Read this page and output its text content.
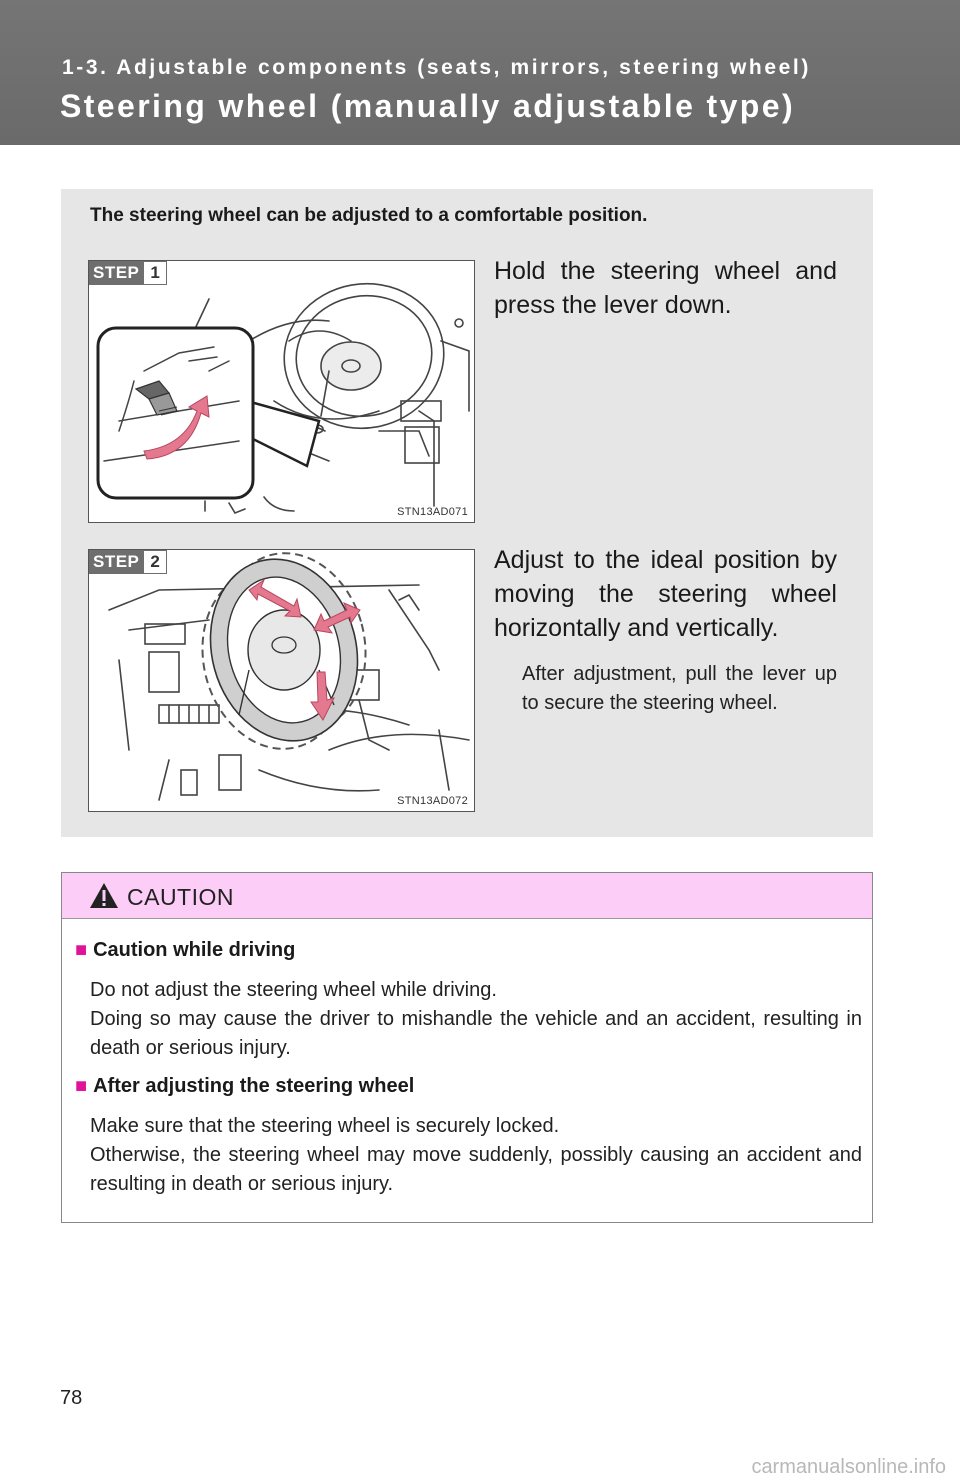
1-3. Adjustable components (seats, mirrors, steering wheel)
Steering wheel (manually adjustable type)
The steering wheel can be adjusted to a comfortable position.
STEP 1
STN13AD071
Hold the steering wheel and press the lever down.
STEP 2
STN13AD072
Adjust to the ideal position by moving the steering wheel horizontally and vertically.
After adjustment, pull the lever up to secure the steering wheel.
CAUTION
■ Caution while driving
Do not adjust the steering wheel while driving.
Doing so may cause the driver to mishandle the vehicle and an accident, resulting in death or serious injury.
■ After adjusting the steering wheel
Make sure that the steering wheel is securely locked.
Otherwise, the steering wheel may move suddenly, possibly causing an accident and resulting in death or serious injury.
78
carmanualsonline.info
